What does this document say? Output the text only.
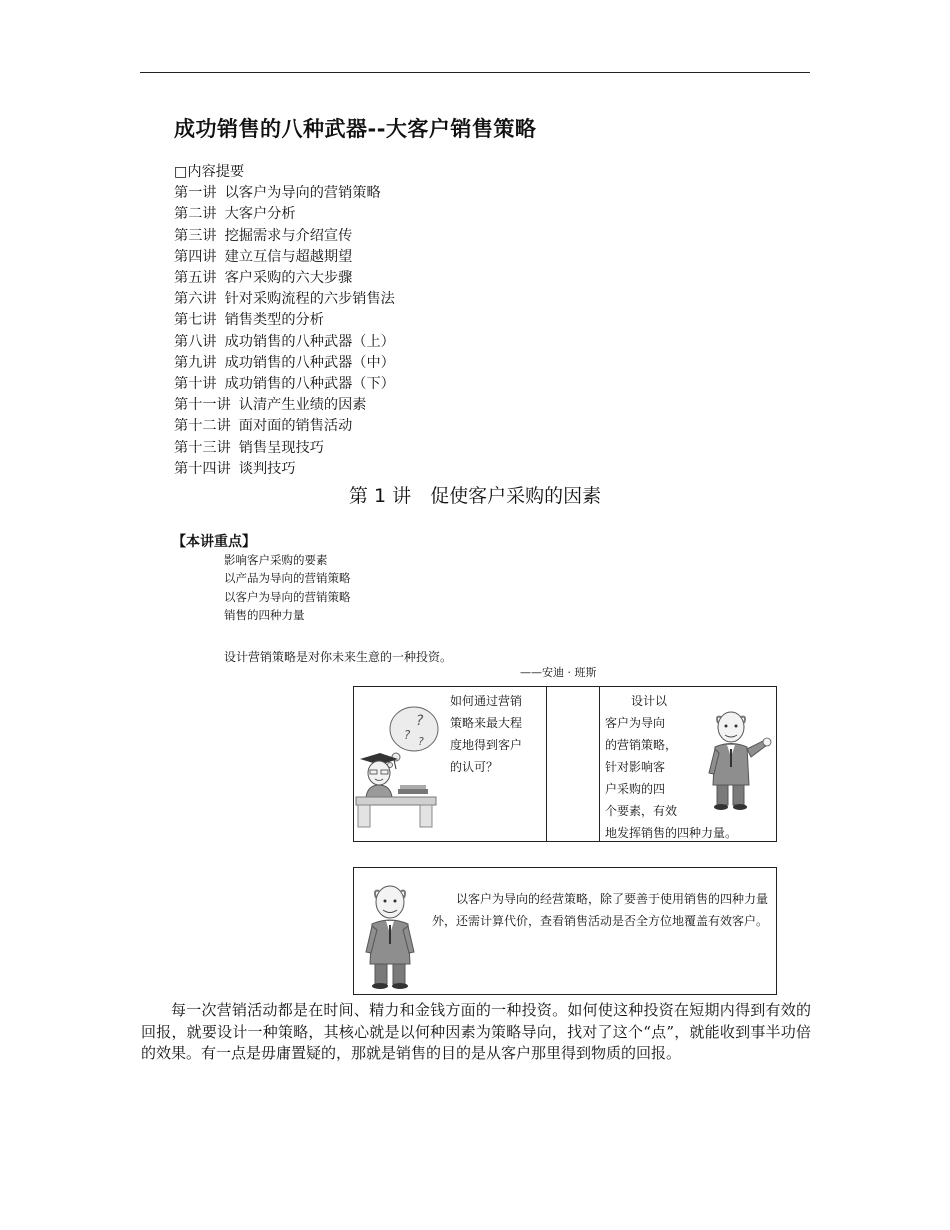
成功销售的八种武器--大客户销售策略
□内容提要
第一讲 以客户为导向的营销策略
第二讲 大客户分析
第三讲 挖掘需求与介绍宣传
第四讲 建立互信与超越期望
第五讲 客户采购的六大步骤
第六讲 针对采购流程的六步销售法
第七讲 销售类型的分析
第八讲 成功销售的八种武器（上）
第九讲 成功销售的八种武器（中）
第十讲 成功销售的八种武器（下）
第十一讲 认清产生业绩的因素
第十二讲 面对面的销售活动
第十三讲 销售呈现技巧
第十四讲 谈判技巧
第 1 讲　促使客户采购的因素
【本讲重点】
影响客户采购的要素
以产品为导向的营销策略
以客户为导向的营销策略
销售的四种力量
设计营销策略是对你未来生意的一种投资。
——安迪 · 班斯
?
? ?
如何通过营销
策略来最大程
度地得到客户
的认可？
设计以
客户为导向
的营销策略，
针对影响客
户采购的四
个要素，有效
地发挥销售的四种力量。
以客户为导向的经营策略，除了要善于使用销售的四种力量外，还需计算代价，查看销售活动是否全方位地覆盖有效客户。
每一次营销活动都是在时间、精力和金钱方面的一种投资。如何使这种投资在短期内得到有效的回报，就要设计一种策略，其核心就是以何种因素为策略导向，找对了这个“点”，就能收到事半功倍的效果。有一点是毋庸置疑的，那就是销售的目的是从客户那里得到物质的回报。
